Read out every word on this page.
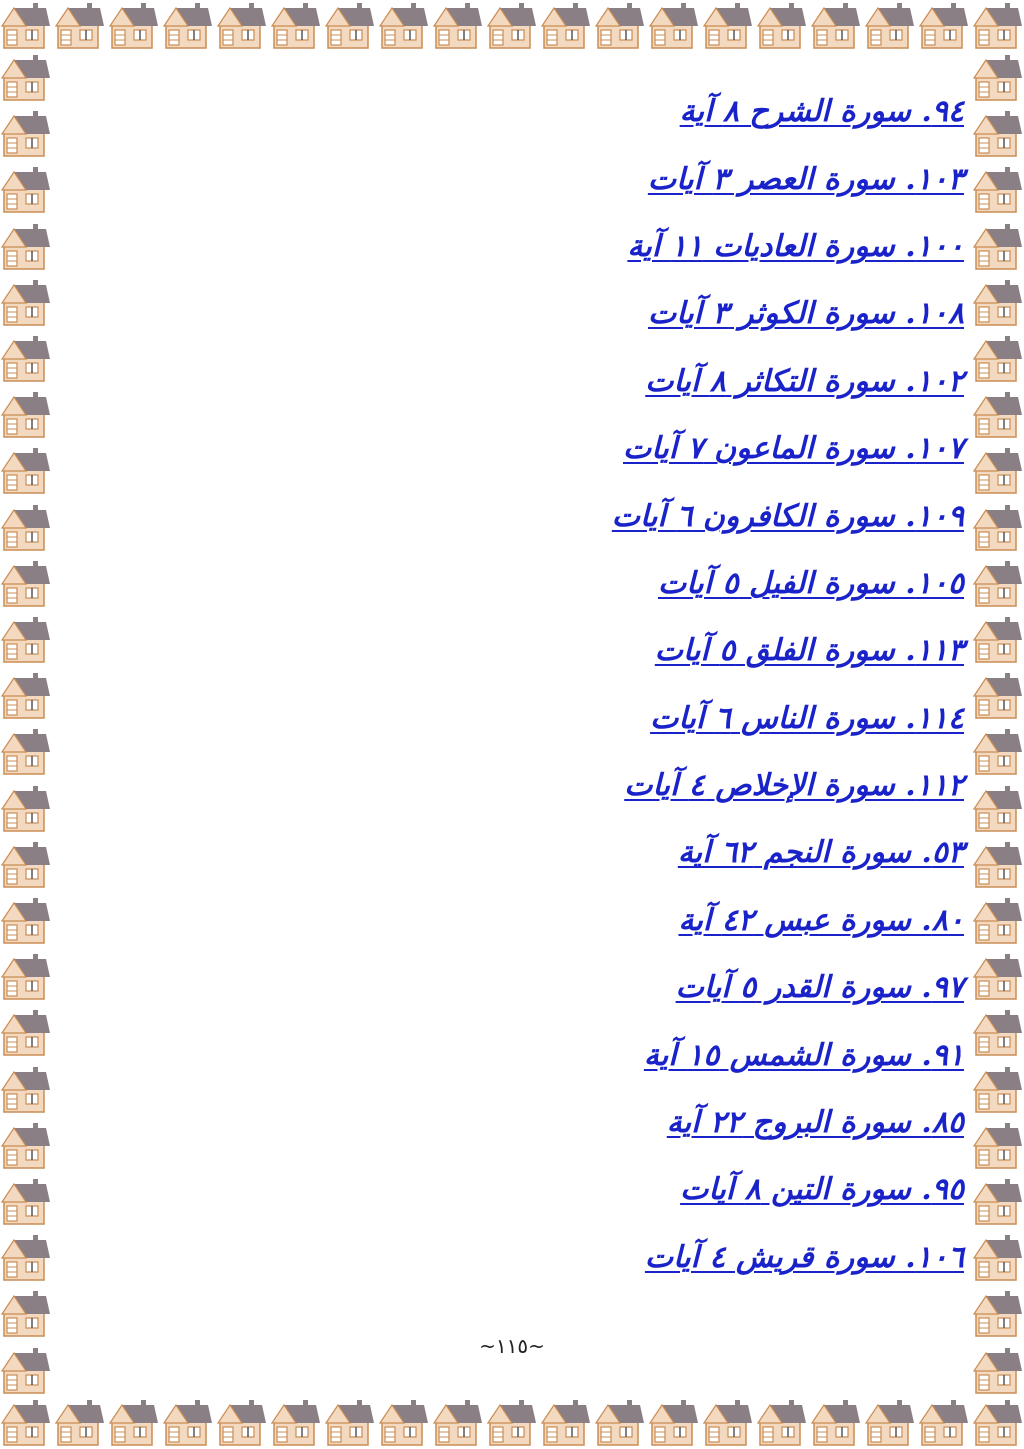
٩٤. سورة الشرح ٨ آية
١٠٣. سورة العصر ٣ آيات
١٠٠. سورة العاديات ١١ آية
١٠٨. سورة الكوثر ٣ آيات
١٠٢. سورة التكاثر ٨ آيات
١٠٧. سورة الماعون ٧ آيات
١٠٩. سورة الكافرون ٦ آيات
١٠٥. سورة الفيل ٥ آيات
١١٣. سورة الفلق ٥ آيات
١١٤. سورة الناس ٦ آيات
١١٢. سورة الإخلاص ٤ آيات
٥٣. سورة النجم ٦٢ آية
٨٠. سورة عبس ٤٢ آية
٩٧. سورة القدر ٥ آيات
٩١. سورة الشمس ١٥ آية
٨٥. سورة البروج ٢٢ آية
٩٥. سورة التين ٨ آيات
١٠٦. سورة قريش ٤ آيات
~١١٥~
